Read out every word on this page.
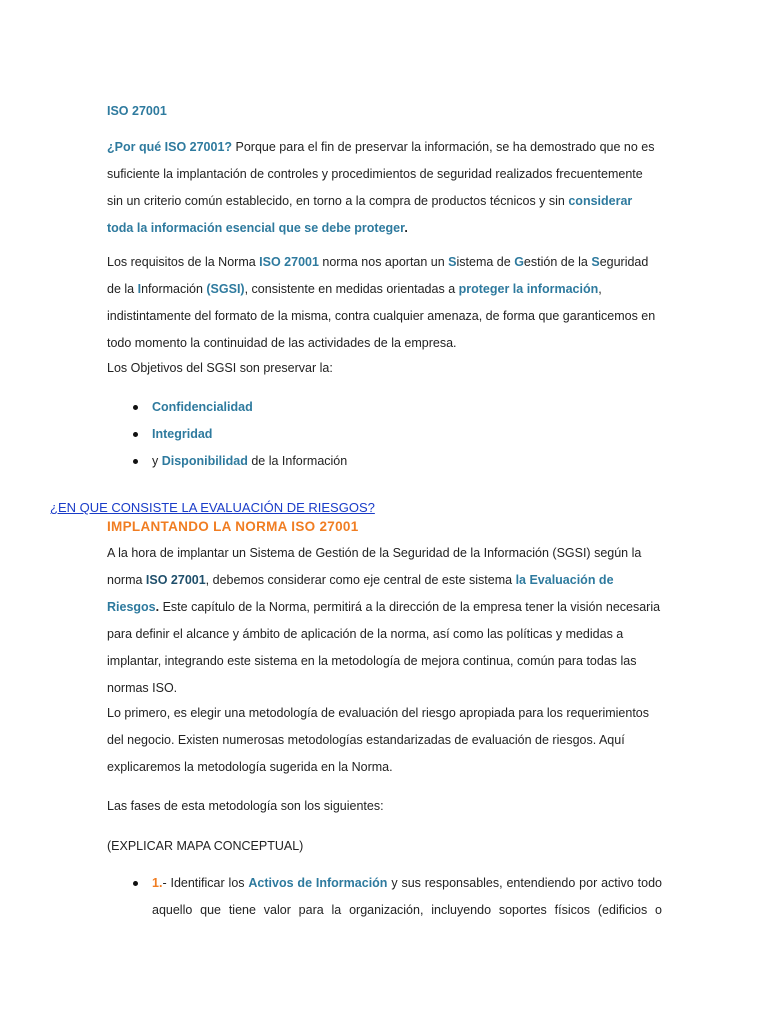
ISO 27001

¿Por qué ISO 27001? Porque para el fin de preservar la información, se ha demostrado que no es suficiente la implantación de controles y procedimientos de seguridad realizados frecuentemente sin un criterio común establecido, en torno a la compra de productos técnicos y sin considerar toda la información esencial que se debe proteger.

Los requisitos de la Norma ISO 27001 norma nos aportan un Sistema de Gestión de la Seguridad de la Información (SGSI), consistente en medidas orientadas a proteger la información, indistintamente del formato de la misma, contra cualquier amenaza, de forma que garanticemos en todo momento la continuidad de las actividades de la empresa.

Los Objetivos del SGSI son preservar la:

Confidencialidad
Integridad
y Disponibilidad de la Información

¿EN QUE CONSISTE LA EVALUACIÓN DE RIESGOS?

IMPLANTANDO LA NORMA ISO 27001

A la hora de implantar un Sistema de Gestión de la Seguridad de la Información (SGSI) según la norma ISO 27001, debemos considerar como eje central de este sistema la Evaluación de Riesgos. Este capítulo de la Norma, permitirá a la dirección de la empresa tener la visión necesaria para definir el alcance y ámbito de aplicación de la norma, así como las políticas y medidas a implantar, integrando este sistema en la metodología de mejora continua, común para todas las normas ISO.

Lo primero, es elegir una metodología de evaluación del riesgo apropiada para los requerimientos del negocio. Existen numerosas metodologías estandarizadas de evaluación de riesgos. Aquí explicaremos la metodología sugerida en la Norma.

Las fases de esta metodología son los siguientes:

(EXPLICAR MAPA CONCEPTUAL)

1.- Identificar los Activos de Información y sus responsables, entendiendo por activo todo aquello que tiene valor para la organización, incluyendo soportes físicos (edificios o
